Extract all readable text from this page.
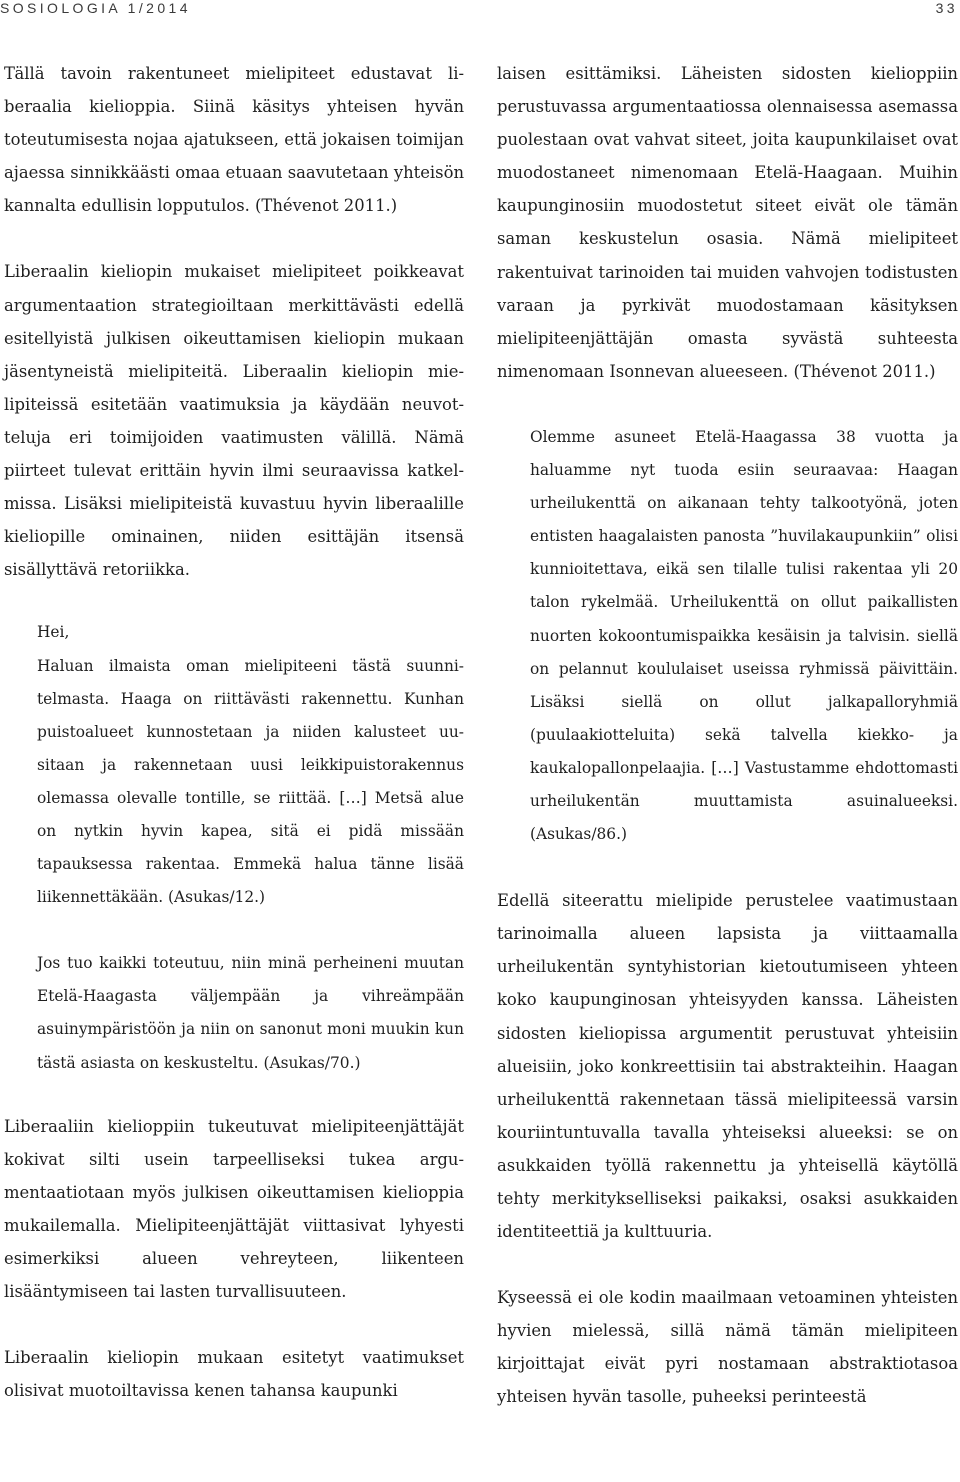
SOSIOLOGIA 1/2014	33

Tällä tavoin rakentuneet mielipiteet edustavat liberaalia kielioppia. Siinä käsitys yhteisen hyvän toteutumisesta nojaa ajatukseen, että jokaisen toimijan ajaessa sinnikkäästi omaa etuaan saavutetaan yhteisön kannalta edullisin lopputulos. (Thévenot 2011.)

Liberaalin kieliopin mukaiset mielipiteet poikkeavat argumentaation strategioiltaan merkittävästi edellä esitellyistä julkisen oikeuttamisen kieliopin mukaan jäsentyneistä mielipiteitä. Liberaalin kieliopin mielipiteissä esitetään vaatimuksia ja käydään neuvotteluja eri toimijoiden vaatimusten välillä. Nämä piirteet tulevat erittäin hyvin ilmi seuraavissa katkelmissa. Lisäksi mielipiteistä kuvastuu hyvin liberaalille kieliopille ominainen, niiden esittäjän itsensä sisällyttävä retoriikka.

Hei,

Haluan ilmaista oman mielipiteeni tästä suunnitelmasta. Haaga on riittävästi rakennettu. Kunhan puistoalueet kunnostetaan ja niiden kalusteet uusitaan ja rakennetaan uusi leikkipuistorakennus olemassa olevalle tontille, se riittää. […] Metsä alue on nytkin hyvin kapea, sitä ei pidä missään tapauksessa rakentaa. Emmekä halua tänne lisää liikennettäkään. (Asukas/12.)

Jos tuo kaikki toteutuu, niin minä perheineni muutan Etelä-Haagasta väljempään ja vihreämpään asuinympäristöön ja niin on sanonut moni muukin kun tästä asiasta on keskusteltu. (Asukas/70.)

Liberaaliin kielioppiin tukeutuvat mielipiteenjättäjät kokivat silti usein tarpeelliseksi tukea argumentaatiotaan myös julkisen oikeuttamisen kielioppia mukailemalla. Mielipiteenjättäjät viittasivat lyhyesti esimerkiksi alueen vehreyteen, liikenteen lisääntymiseen tai lasten turvallisuuteen.

Liberaalin kieliopin mukaan esitetyt vaatimukset olisivat muotoiltavissa kenen tahansa kaupunki

laisen esittämiksi. Läheisten sidosten kielioppiin perustuvassa argumentaatiossa olennaisessa asemassa puolestaan ovat vahvat siteet, joita kaupunkilaiset ovat muodostaneet nimenomaan Etelä-Haagaan. Muihin kaupunginosiin muodostetut siteet eivät ole tämän saman keskustelun osasia. Nämä mielipiteet rakentuivat tarinoiden tai muiden vahvojen todistusten varaan ja pyrkivät muodostamaan käsityksen mielipiteenjättäjän omasta syvästä suhteesta nimenomaan Isonnevan alueeseen. (Thévenot 2011.)

Olemme asuneet Etelä-Haagassa 38 vuotta ja haluamme nyt tuoda esiin seuraavaa: Haagan urheilukenttä on aikanaan tehty talkootyönä, joten entisten haagalaisten panosta ”huvilakaupunkiin” olisi kunnioitettava, eikä sen tilalle tulisi rakentaa yli 20 talon rykelmää. Urheilukenttä on ollut paikallisten nuorten kokoontumispaikka kesäisin ja talvisin. siellä on pelannut koululaiset useissa ryhmissä päivittäin. Lisäksi siellä on ollut jalkapalloryhmiä (puulaakiotteluita) sekä talvella kiekko- ja kaukalopallonpelaajia. […] Vastustamme ehdottomasti urheilukentän muuttamista asuinalueeksi. (Asukas/86.)

Edellä siteerattu mielipide perustelee vaatimustaan tarinoimalla alueen lapsista ja viittaamalla urheilukentän syntyhistorian kietoutumiseen yhteen koko kaupunginosan yhteisyyden kanssa. Läheisten sidosten kieliopissa argumentit perustuvat yhteisiin alueisiin, joko konkreettisiin tai abstrakteihin. Haagan urheilukenttä rakennetaan tässä mielipiteessä varsin kouriintuntuvalla tavalla yhteiseksi alueeksi: se on asukkaiden työllä rakennettu ja yhteisellä käytöllä tehty merkitykselliseksi paikaksi, osaksi asukkaiden identiteettiä ja kulttuuria.

Kyseessä ei ole kodin maailmaan vetoaminen yhteisten hyvien mielessä, sillä nämä tämän mielipiteen kirjoittajat eivät pyri nostamaan abstraktiotasoa yhteisen hyvän tasolle, puheeksi perinteestä
